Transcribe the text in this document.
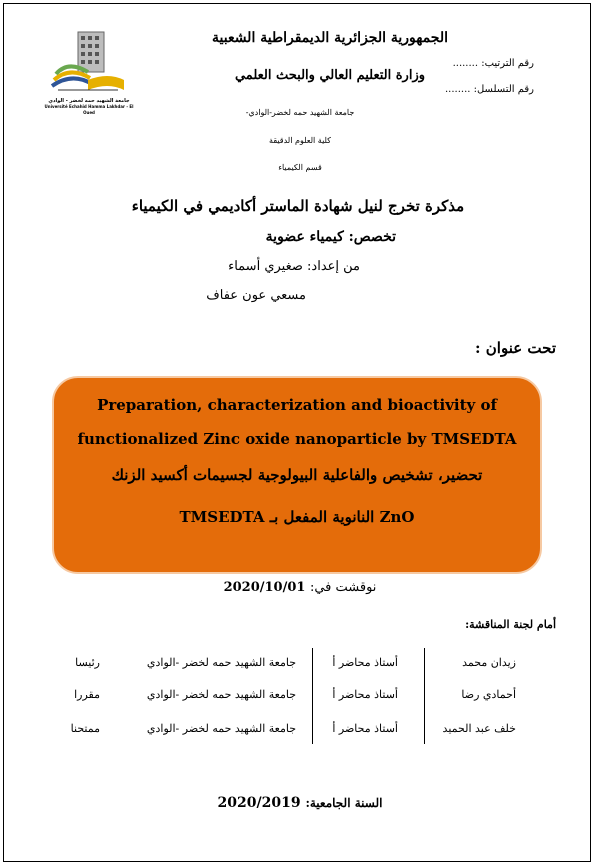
جامعة الشهيد حمه لخضر - الوادي
Université Echahid Hamma Lakhdar - El Oued
الجمهورية الجزائرية الديمقراطية الشعبية
وزارة التعليم العالي والبحث العلمي
جامعة الشهيد حمه لخضر-الوادي-
كلية العلوم الدقيقة
قسم الكيمياء
رقم الترتيب: ........
رقم التسلسل: ........
مذكرة تخرج لنيل شهادة الماستر أكاديمي في الكيمياء
تخصص: كيمياء عضوية
من إعداد: صغيري أسماء
مسعي عون عفاف
تحت عنوان :
Preparation, characterization and bioactivity of
functionalized Zinc oxide nanoparticle by TMSEDTA
تحضير، تشخيص والفاعلية البيولوجية لجسيمات أكسيد الزنك
ZnO النانوية المفعل بـ TMSEDTA
نوقشت في: 2020/10/01
أمام لجنة المناقشة:
زيدان محمد
أستاذ محاضر أ
جامعة الشهيد حمه لخضر -الوادي
رئيسا
أحمادي رضا
أستاذ محاضر أ
جامعة الشهيد حمه لخضر -الوادي
مقررا
خلف عبد الحميد
أستاذ محاضر أ
جامعة الشهيد حمه لخضر -الوادي
ممتحنا
السنة الجامعية: 2020/2019
